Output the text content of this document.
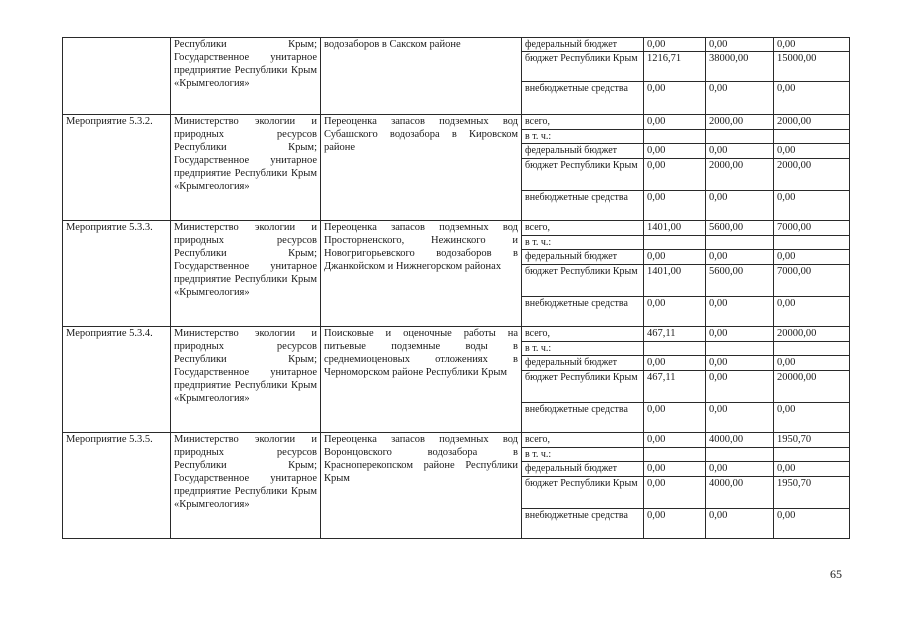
	Республики Крым; Государственное унитарное предприятие Республики Крым «Крымгеология»	водозаборов в Сакском районе	федеральный бюджет	0,00	0,00	0,00
			бюджет Республики Крым	1216,71	38000,00	15000,00
			внебюджетные средства	0,00	0,00	0,00
Мероприятие 5.3.2.	Министерство экологии и природных ресурсов Республики Крым; Государственное унитарное предприятие Республики Крым «Крымгеология»	Переоценка запасов подземных вод Субашского водозабора в Кировском районе	всего,	0,00	2000,00	2000,00
			в т. ч.:			
			федеральный бюджет	0,00	0,00	0,00
			бюджет Республики Крым	0,00	2000,00	2000,00
			внебюджетные средства	0,00	0,00	0,00
Мероприятие 5.3.3.	Министерство экологии и природных ресурсов Республики Крым; Государственное унитарное предприятие Республики Крым «Крымгеология»	Переоценка запасов подземных вод Просторненского, Нежинского и Новогригорьевского водозаборов в Джанкойском и Нижнегорском районах	всего,	1401,00	5600,00	7000,00
			в т. ч.:			
			федеральный бюджет	0,00	0,00	0,00
			бюджет Республики Крым	1401,00	5600,00	7000,00
			внебюджетные средства	0,00	0,00	0,00
Мероприятие 5.3.4.	Министерство экологии и природных ресурсов Республики Крым; Государственное унитарное предприятие Республики Крым «Крымгеология»	Поисковые и оценочные работы на питьевые подземные воды в среднемиоценовых отложениях в Черноморском районе Республики Крым	всего,	467,11	0,00	20000,00
			в т. ч.:			
			федеральный бюджет	0,00	0,00	0,00
			бюджет Республики Крым	467,11	0,00	20000,00
			внебюджетные средства	0,00	0,00	0,00
Мероприятие 5.3.5.	Министерство экологии и природных ресурсов Республики Крым; Государственное унитарное предприятие Республики Крым «Крымгеология»	Переоценка запасов подземных вод Воронцовского водозабора в Красноперекопском районе Республики Крым	всего,	0,00	4000,00	1950,70
			в т. ч.:			
			федеральный бюджет	0,00	0,00	0,00
			бюджет Республики Крым	0,00	4000,00	1950,70
			внебюджетные средства	0,00	0,00	0,00
65
